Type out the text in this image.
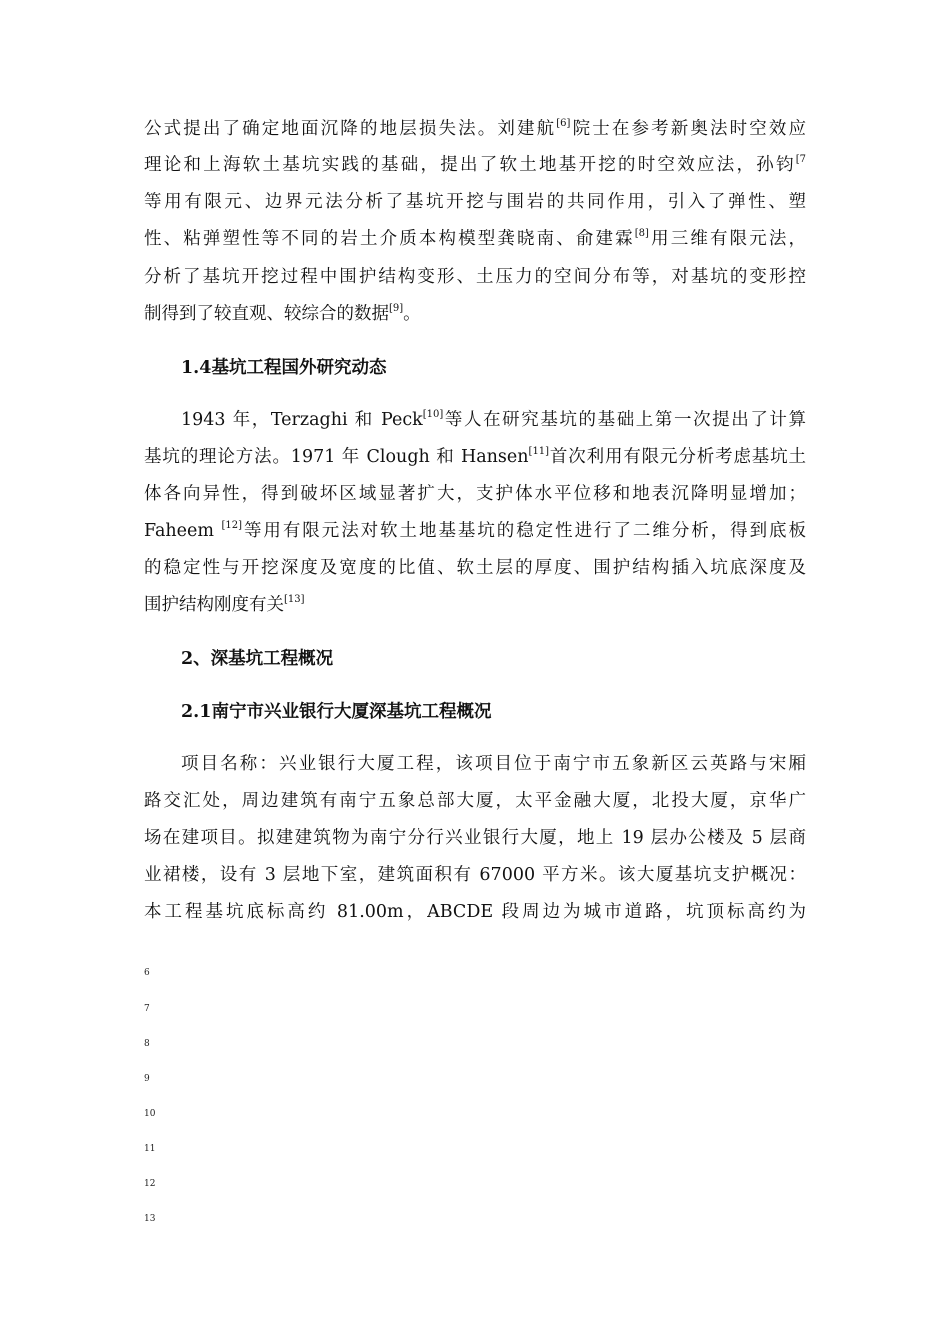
公式提出了确定地面沉降的地层损失法。刘建航[6]院士在参考新奥法时空效应
理论和上海软土基坑实践的基础，提出了软土地基开挖的时空效应法，孙钧$^{[7}$
等用有限元、边界元法分析了基坑开挖与围岩的共同作用，引入了弹性、塑
性、粘弹塑性等不同的岩土介质本构模型龚晓南、俞建霖[8]用三维有限元法，
分析了基坑开挖过程中围护结构变形、土压力的空间分布等，对基坑的变形控
制得到了较直观、较综合的数据[9]。
1.4基坑工程国外研究动态
1943 年，Terzaghi 和 Peck[10]等人在研究基坑的基础上第一次提出了计算
基坑的理论方法。1971 年 Clough 和 Hansen[11]首次利用有限元分析考虑基坑土
体各向异性，得到破坏区域显著扩大，支护体水平位移和地表沉降明显增加；
Faheem [12]等用有限元法对软土地基基坑的稳定性进行了二维分析，得到底板
的稳定性与开挖深度及宽度的比值、软土层的厚度、围护结构插入坑底深度及
围护结构刚度有关[13]
2、深基坑工程概况
2.1南宁市兴业银行大厦深基坑工程概况
项目名称：兴业银行大厦工程，该项目位于南宁市五象新区云英路与宋厢
路交汇处，周边建筑有南宁五象总部大厦，太平金融大厦，北投大厦，京华广
场在建项目。拟建建筑物为南宁分行兴业银行大厦，地上 19 层办公楼及 5 层商
业裙楼，设有 3 层地下室，建筑面积有 67000 平方米。该大厦基坑支护概况：
本工程基坑底标高约 81.00m，ABCDE 段周边为城市道路，坑顶标高约为
6
7
8
9
10
11
12
13
